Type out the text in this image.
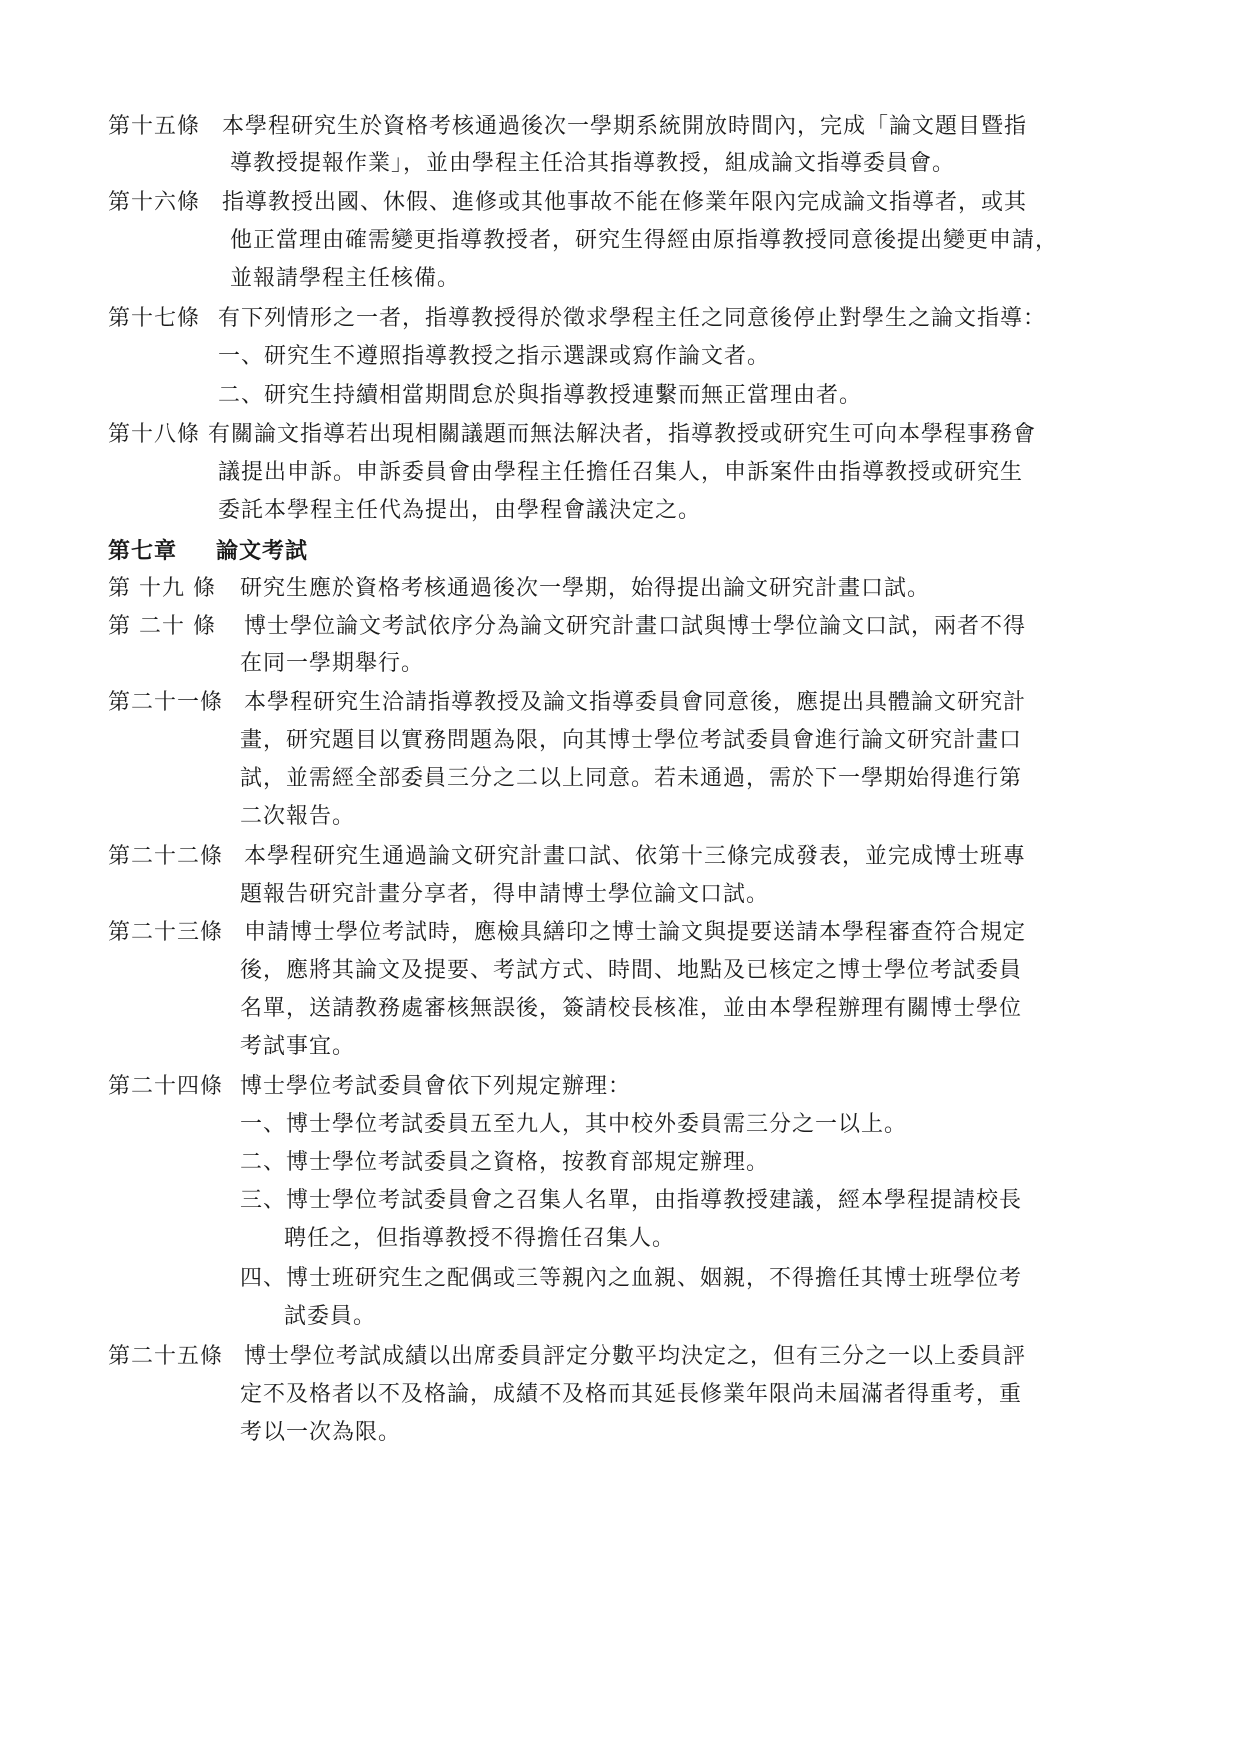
第十五條 本學程研究生於資格考核通過後次一學期系統開放時間內，完成「論文題目暨指
導教授提報作業」，並由學程主任洽其指導教授，組成論文指導委員會。
第十六條 指導教授出國、休假、進修或其他事故不能在修業年限內完成論文指導者，或其
他正當理由確需變更指導教授者，研究生得經由原指導教授同意後提出變更申請，
並報請學程主任核備。
第十七條 有下列情形之一者，指導教授得於徵求學程主任之同意後停止對學生之論文指導：
一、研究生不遵照指導教授之指示選課或寫作論文者。
二、研究生持續相當期間怠於與指導教授連繫而無正當理由者。
第十八條 有關論文指導若出現相關議題而無法解決者，指導教授或研究生可向本學程事務會
議提出申訴。申訴委員會由學程主任擔任召集人，申訴案件由指導教授或研究生
委託本學程主任代為提出，由學程會議決定之。
第七章 論文考試
第 十九 條 研究生應於資格考核通過後次一學期，始得提出論文研究計畫口試。
第 二十 條 博士學位論文考試依序分為論文研究計畫口試與博士學位論文口試，兩者不得
在同一學期舉行。
第二十一條 本學程研究生洽請指導教授及論文指導委員會同意後，應提出具體論文研究計
畫，研究題目以實務問題為限，向其博士學位考試委員會進行論文研究計畫口
試，並需經全部委員三分之二以上同意。若未通過，需於下一學期始得進行第
二次報告。
第二十二條 本學程研究生通過論文研究計畫口試、依第十三條完成發表，並完成博士班專
題報告研究計畫分享者，得申請博士學位論文口試。
第二十三條 申請博士學位考試時，應檢具繕印之博士論文與提要送請本學程審查符合規定
後，應將其論文及提要、考試方式、時間、地點及已核定之博士學位考試委員
名單，送請教務處審核無誤後，簽請校長核准，並由本學程辦理有關博士學位
考試事宜。
第二十四條 博士學位考試委員會依下列規定辦理：
一、博士學位考試委員五至九人，其中校外委員需三分之一以上。
二、博士學位考試委員之資格，按教育部規定辦理。
三、博士學位考試委員會之召集人名單，由指導教授建議，經本學程提請校長
聘任之，但指導教授不得擔任召集人。
四、博士班研究生之配偶或三等親內之血親、姻親，不得擔任其博士班學位考
試委員。
第二十五條 博士學位考試成績以出席委員評定分數平均決定之，但有三分之一以上委員評
定不及格者以不及格論，成績不及格而其延長修業年限尚未屆滿者得重考，重
考以一次為限。
